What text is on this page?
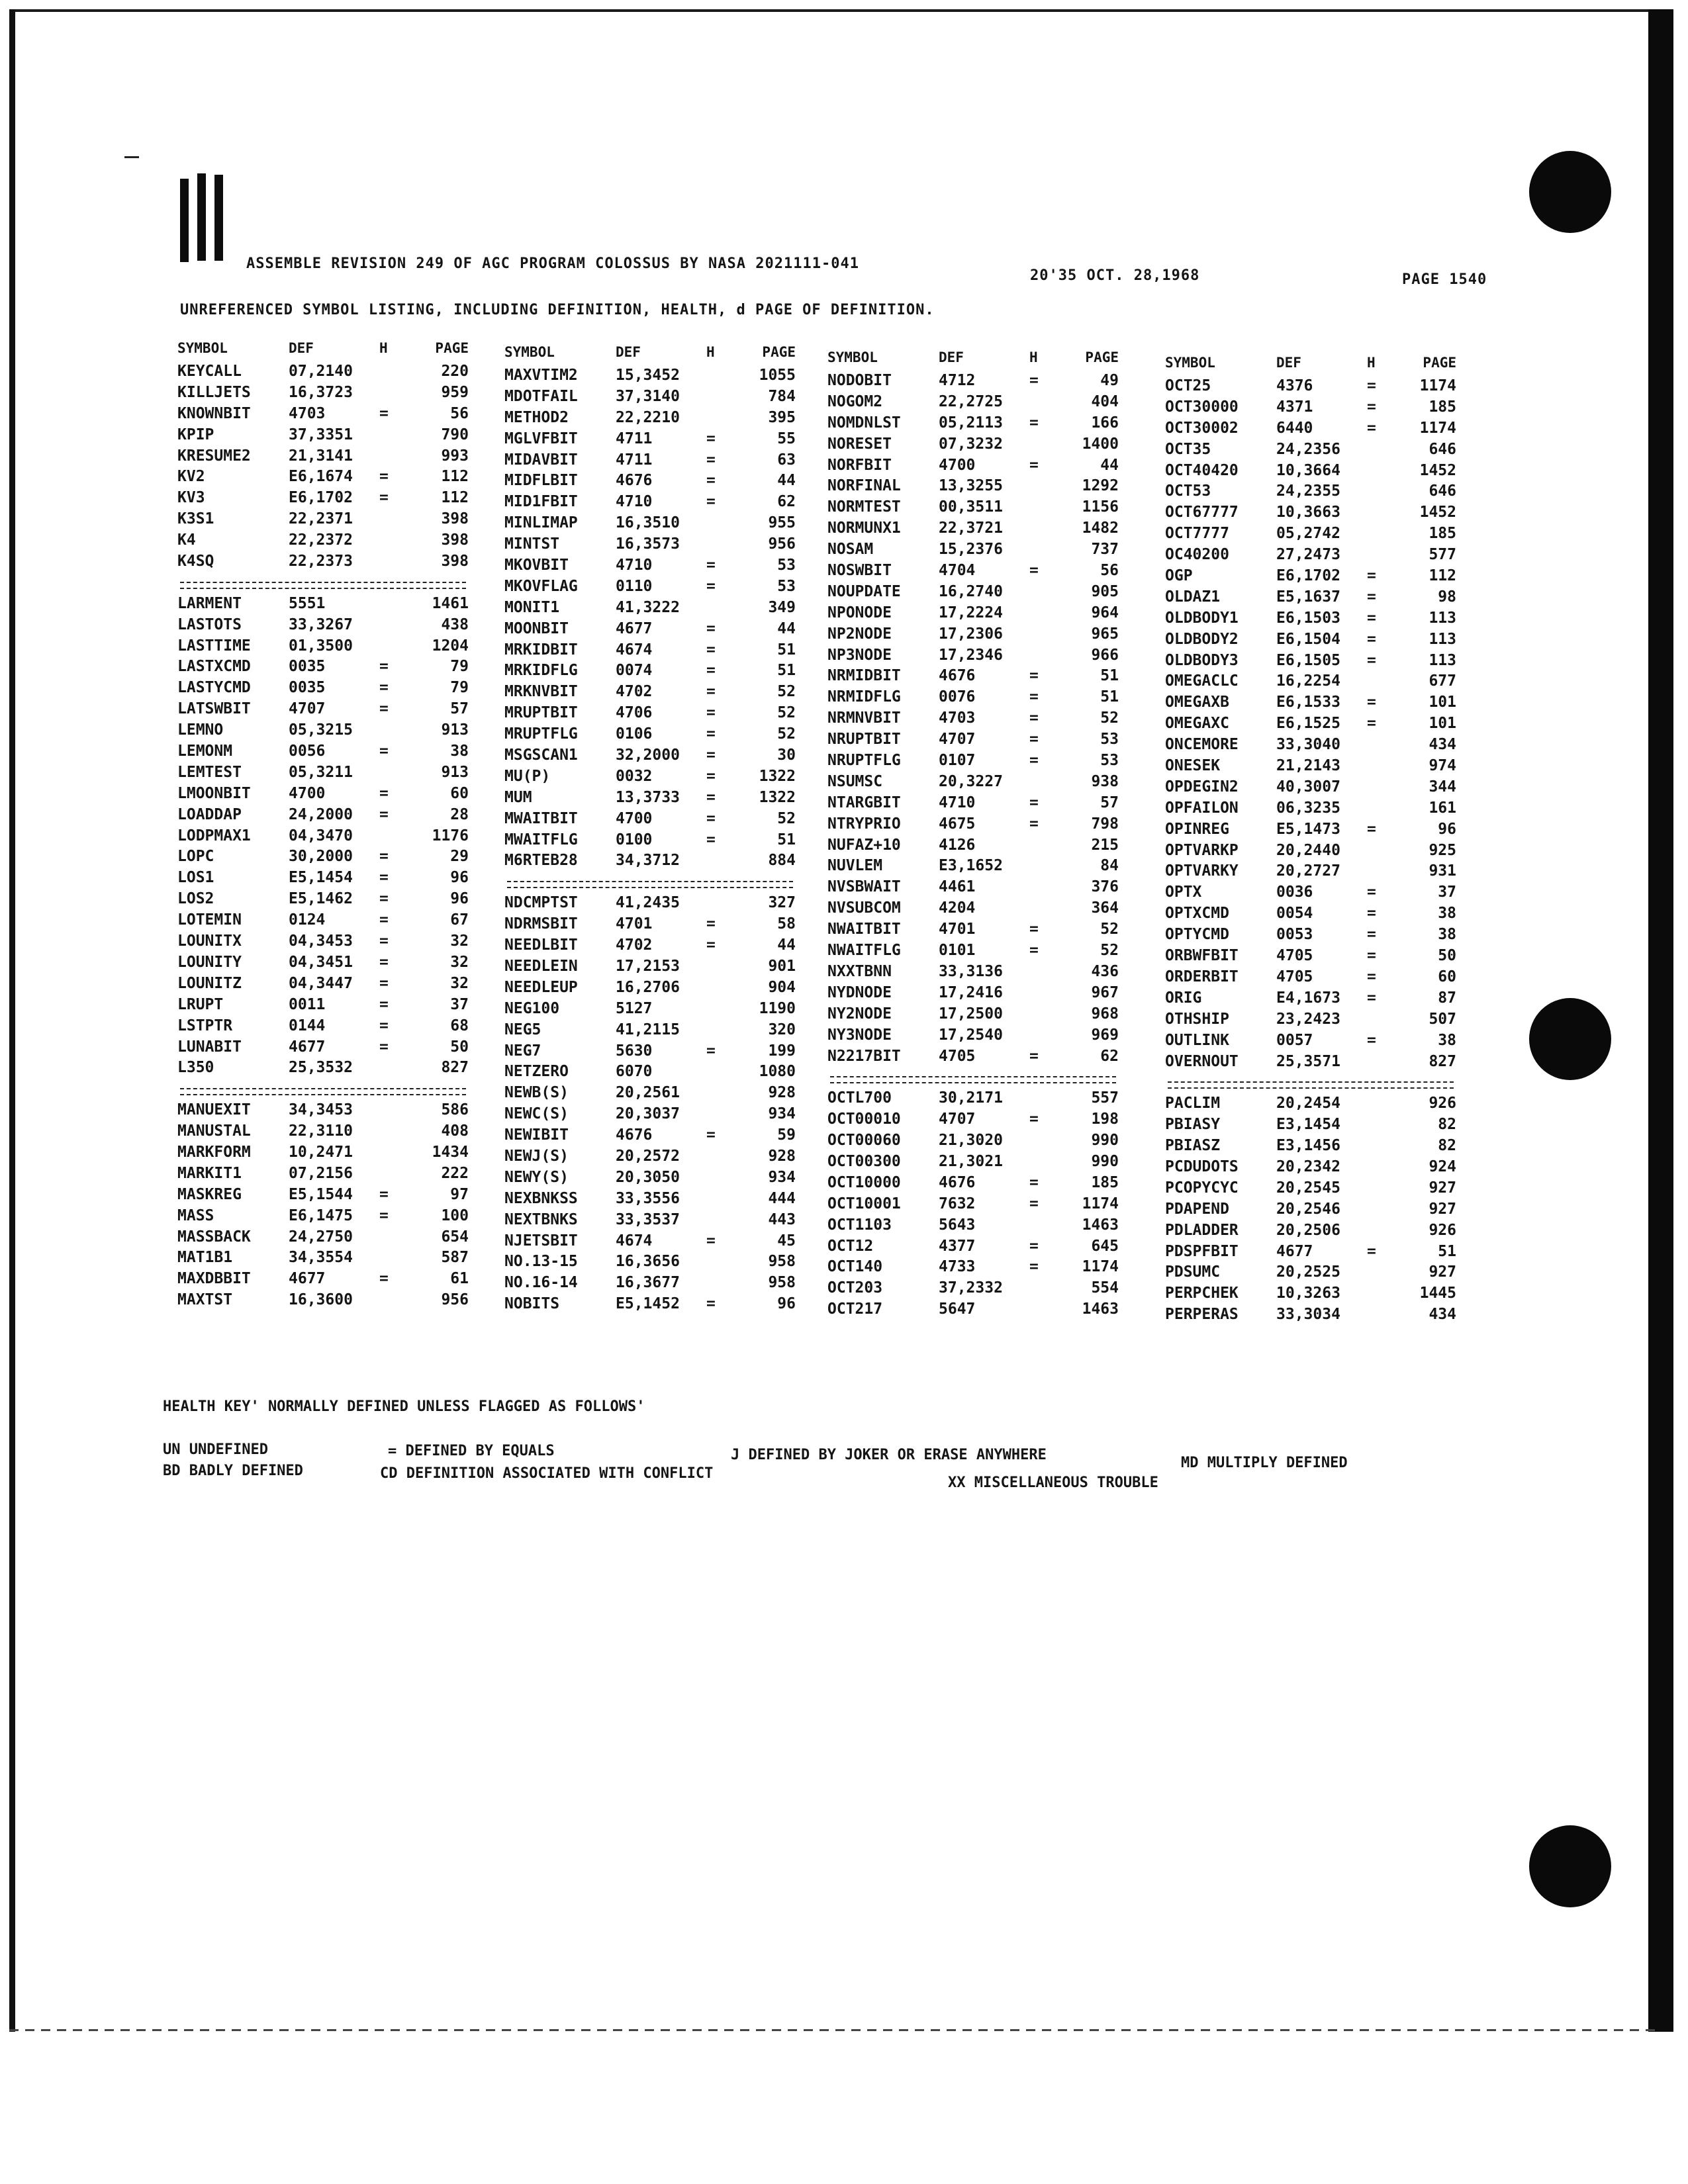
ASSEMBLE REVISION 249 OF AGC PROGRAM COLOSSUS BY NASA 2021111-041
20'35 OCT. 28,1968	PAGE 1540
UNREFERENCED SYMBOL LISTING, INCLUDING DEFINITION, HEALTH, d PAGE OF DEFINITION.
SYMBOL	DEF	H	PAGE
KEYCALL	07,2140	220
KILLJETS 16,3723	959
KNOWNBIT 4703	=	56
KPIP	37,3351	790
KRESUME2 21,3141	993
KV2	E6,1674 =	112
KV3	E6,1702 =	112
K3S1	22,2371	398
K4	22,2372	398
K4SQ	22,2373	398
LARMENT	5551	1461
LASTOTS	33,3267	438
LASTTIME 01,3500	1204
LASTXCMD 0035	=	79
LASTYCMD 0035	=	79
LATSWBIT 4707	=	57
LEMNO	05,3215	913
LEMONM	0056	=	38
LEMTEST	05,3211	913
LMOONBIT 4700	=	60
LOADDAP	24,2000 =	28
LODPMAX1 04,3470	1176
LOPC	30,2000 =	29
LOS1	E5,1454 =	96
LOS2	E5,1462 =	96
LOTEMIN	0124	=	67
LOUNITX	04,3453 =	32
LOUNITY	04,3451 =	32
LOUNITZ	04,3447 =	32
LRUPT	0011	=	37
LSTPTR	0144	=	68
LUNABIT	4677	=	50
L350	25,3532	827
MANUEXIT 34,3453	586
MANUSTAL 22,3110	408
MARKFORM 10,2471	1434
MARKIT1	07,2156	222
MASKREG	E5,1544 =	97
MASS	E6,1475 =	100
MASSBACK 24,2750	654
MAT1B1	34,3554	587
MAXDBBIT 4677	=	61
MAXTST	16,3600	956
SYMBOL	DEF	H	PAGE
MAXVTIM2 15,3452	1055
MDOTFAIL 37,3140	784
METHOD2	22,2210	395
MGLVFBIT 4711	=	55
MIDAVBIT 4711	=	63
MIDFLBIT 4676	=	44
MID1FBIT 4710	=	62
MINLIMAP 16,3510	955
MINTST	16,3573	956
MKOVBIT	4710	=	53
MKOVFLAG 0110	=	53
MONIT1	41,3222	349
MOONBIT	4677	=	44
MRKIDBIT 4674	=	51
MRKIDFLG 0074	=	51
MRKNVBIT 4702	=	52
MRUPTBIT 4706	=	52
MRUPTFLG 0106	=	52
MSGSCAN1 32,2000 =	30
MU(P)	0032	=	1322
MUM	13,3733 =	1322
MWAITBIT 4700	=	52
MWAITFLG 0100	=	51
M6RTEB28 34,3712	884
NDCMPTST 41,2435	327
NDRMSBIT 4701	=	58
NEEDLBIT 4702	=	44
NEEDLEIN 17,2153	901
NEEDLEUP 16,2706	904
NEG100	5127	1190
NEG5	41,2115	320
NEG7	5630	=	199
NETZERO	6070	1080
NEWB(S)	20,2561	928
NEWC(S)	20,3037	934
NEWIBIT	4676	=	59
NEWJ(S)	20,2572	928
NEWY(S)	20,3050	934
NEXBNKSS 33,3556	444
NEXTBNKS 33,3537	443
NJETSBIT 4674	=	45
NO.13-15 16,3656	958
NO.16-14 16,3677	958
NOBITS	E5,1452 =	96
SYMBOL	DEF	H	PAGE
NODOBIT	4712	=	49
NOGOM2	22,2725	404
NOMDNLST 05,2113 =	166
NORESET	07,3232	1400
NORFBIT	4700	=	44
NORFINAL 13,3255	1292
NORMTEST 00,3511	1156
NORMUNX1 22,3721	1482
NOSAM	15,2376	737
NOSWBIT	4704	=	56
NOUPDATE 16,2740	905
NPONODE	17,2224	964
NP2NODE	17,2306	965
NP3NODE	17,2346	966
NRMIDBIT 4676	=	51
NRMIDFLG 0076	=	51
NRMNVBIT 4703	=	52
NRUPTBIT 4707	=	53
NRUPTFLG 0107	=	53
NSUMSC	20,3227	938
NTARGBIT 4710	=	57
NTRYPRIO 4675	=	798
NUFAZ+10 4126	215
NUVLEM	E3,1652	84
NVSBWAIT 4461	376
NVSUBCOM 4204	364
NWAITBIT 4701	=	52
NWAITFLG 0101	=	52
NXXTBNN	33,3136	436
NYDNODE	17,2416	967
NY2NODE	17,2500	968
NY3NODE	17,2540	969
N2217BIT 4705	=	62
OCTL700	30,2171	557
OCT00010 4707	=	198
OCT00060 21,3020	990
OCT00300 21,3021	990
OCT10000 4676	=	185
OCT10001 7632	=	1174
OCT1103	5643	1463
OCT12	4377	=	645
OCT140	4733	=	1174
OCT203	37,2332	554
OCT217	5647	1463
SYMBOL	DEF	H	PAGE
OCT25	4376	=	1174
OCT30000 4371	=	185
OCT30002 6440	=	1174
OCT35	24,2356	646
OCT40420 10,3664	1452
OCT53	24,2355	646
OCT67777 10,3663	1452
OCT7777	05,2742	185
OC40200	27,2473	577
OGP	E6,1702 =	112
OLDAZ1	E5,1637 =	98
OLDBODY1 E6,1503 =	113
OLDBODY2 E6,1504 =	113
OLDBODY3 E6,1505 =	113
OMEGACLC 16,2254	677
OMEGAXB	E6,1533 =	101
OMEGAXC	E6,1525 =	101
ONCEMORE 33,3040	434
ONESEK	21,2143	974
OPDEGIN2 40,3007	344
OPFAILON 06,3235	161
OPINREG	E5,1473 =	96
OPTVARKP 20,2440	925
OPTVARKY 20,2727	931
OPTX	0036	=	37
OPTXCMD	0054	=	38
OPTYCMD	0053	=	38
ORBWFBIT 4705	=	50
ORDERBIT 4705	=	60
ORIG	E4,1673 =	87
OTHSHIP	23,2423	507
OUTLINK	0057	=	38
OVERNOUT 25,3571	827
PACLIM	20,2454	926
PBIASY	E3,1454	82
PBIASZ	E3,1456	82
PCDUDOTS 20,2342	924
PCOPYCYC 20,2545	927
PDAPEND	20,2546	927
PDLADDER 20,2506	926
PDSPFBIT 4677	=	51
PDSUMC	20,2525	927
PERPCHEK 10,3263	1445
PERPERAS 33,3034	434
HEALTH KEY' NORMALLY DEFINED UNLESS FLAGGED AS FOLLOWS'
UN UNDEFINED	= DEFINED BY EQUALS	J DEFINED BY JOKER OR ERASE ANYWHERE	MD MULTIPLY DEFINED
BD BADLY DEFINED	CD DEFINITION ASSOCIATED WITH CONFLICT
XX MISCELLANEOUS TROUBLE
